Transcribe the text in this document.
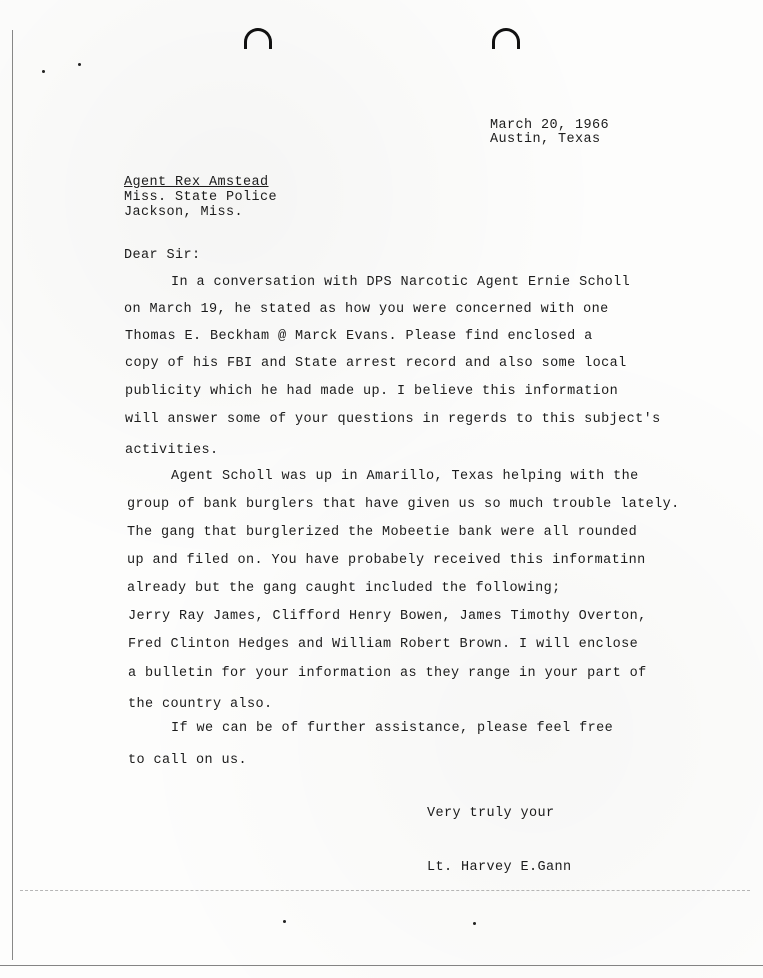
March 20, 1966
Austin, Texas
Agent Rex Amstead
Miss. State Police
Jackson, Miss.
Dear Sir:
In a conversation with DPS Narcotic Agent Ernie Scholl
on March 19, he stated as how you were concerned with one
Thomas E. Beckham @ Marck Evans. Please find enclosed a
copy of his FBI and State arrest record and also some local
publicity which he had made up. I believe this information
will answer some of your questions in regerds to this subject's
activities.
Agent Scholl was up in Amarillo, Texas helping with the
group of bank burglers that have given us so much trouble lately.
The gang that burglerized the Mobeetie bank were all rounded
up and filed on. You have probabely received this informatinn
already but the gang caught included the following;
Jerry Ray James, Clifford Henry Bowen, James Timothy Overton,
Fred Clinton Hedges and William Robert Brown. I will enclose
a bulletin for your information as they range in your part of
the country also.
If we can be of further assistance, please feel free
to call on us.
Very truly your
Lt. Harvey E.Gann
